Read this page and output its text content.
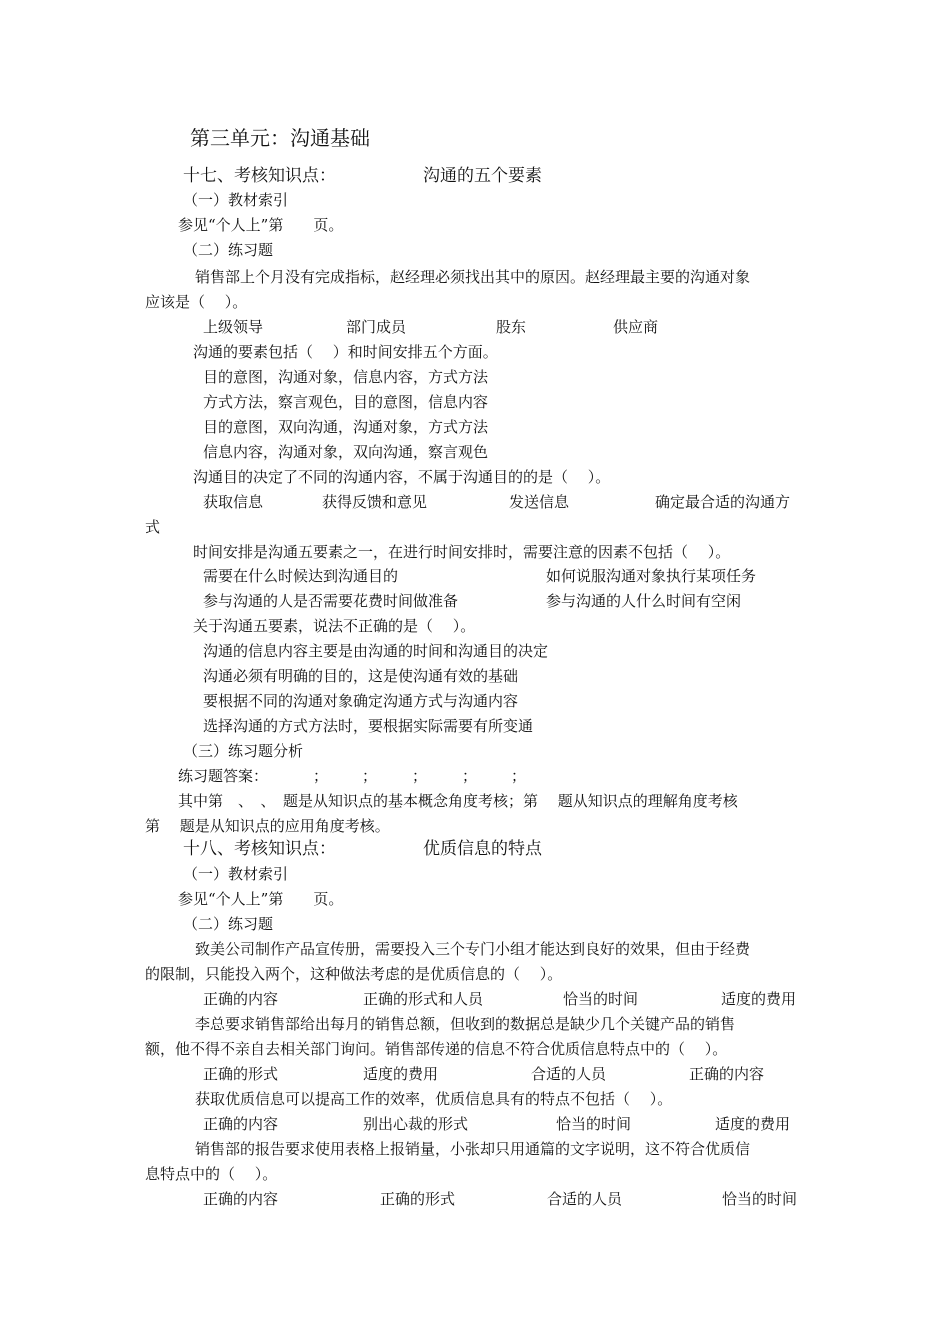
第三单元：沟通基础
十七、考核知识点：	沟通的五个要素
（一）教材索引
参见“个人上”第　　页。
（二）练习题
销售部上个月没有完成指标，赵经理必须找出其中的原因。赵经理最主要的沟通对象
应该是（　 ）。
上级领导	部门成员	股东	供应商
沟通的要素包括（　 ）和时间安排五个方面。
目的意图，沟通对象，信息内容，方式方法
方式方法，察言观色，目的意图，信息内容
目的意图，双向沟通，沟通对象，方式方法
信息内容，沟通对象，双向沟通，察言观色
沟通目的决定了不同的沟通内容，不属于沟通目的的是（　 ）。
获取信息	获得反馈和意见	发送信息	确定最合适的沟通方
式
时间安排是沟通五要素之一，在进行时间安排时，需要注意的因素不包括（　 ）。
需要在什么时候达到沟通目的	如何说服沟通对象执行某项任务
参与沟通的人是否需要花费时间做准备	参与沟通的人什么时间有空闲
关于沟通五要素，说法不正确的是（　 ）。
沟通的信息内容主要是由沟通的时间和沟通目的决定
沟通必须有明确的目的，这是使沟通有效的基础
要根据不同的沟通对象确定沟通方式与沟通内容
选择沟通的方式方法时，要根据实际需要有所变通
（三）练习题分析
练习题答案：	； ； ； ； ；
其中第　、　、　题是从知识点的基本概念角度考核；第　 题从知识点的理解角度考核
第　 题是从知识点的应用角度考核。
十八、考核知识点：	优质信息的特点
（一）教材索引
参见“个人上”第　　页。
（二）练习题
致美公司制作产品宣传册，需要投入三个专门小组才能达到良好的效果，但由于经费
的限制，只能投入两个，这种做法考虑的是优质信息的（　 ）。
正确的内容	正确的形式和人员	恰当的时间	适度的费用
李总要求销售部给出每月的销售总额，但收到的数据总是缺少几个关键产品的销售
额，他不得不亲自去相关部门询问。销售部传递的信息不符合优质信息特点中的（　 ）。
正确的形式	适度的费用	合适的人员	正确的内容
获取优质信息可以提高工作的效率，优质信息具有的特点不包括（　 ）。
正确的内容	别出心裁的形式	恰当的时间	适度的费用
销售部的报告要求使用表格上报销量，小张却只用通篇的文字说明，这不符合优质信
息特点中的（　 ）。
正确的内容	正确的形式	合适的人员	恰当的时间
